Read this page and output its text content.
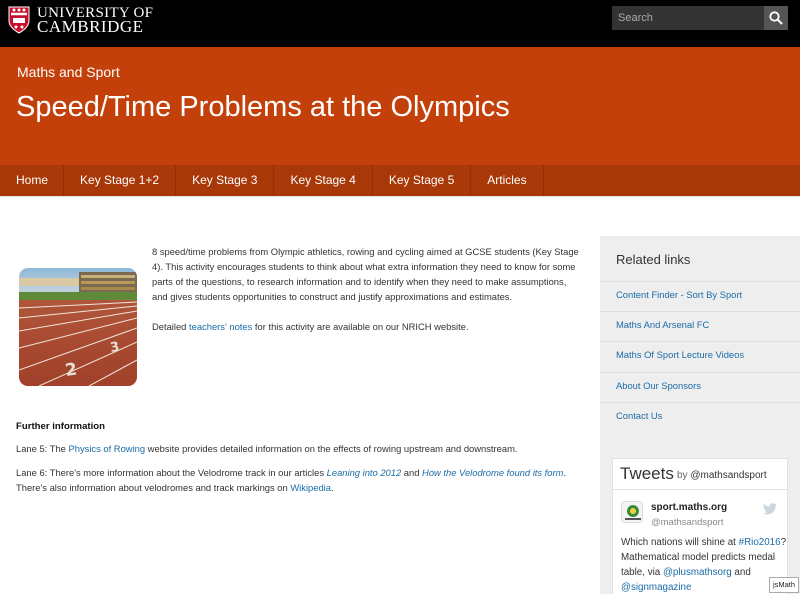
UNIVERSITY OF
CAMBRIDGE
Search
Maths and Sport
Speed/Time Problems at the Olympics
Home	Key Stage 1+2	Key Stage 3	Key Stage 4	Key Stage 5	Articles
2
3
8 speed/time problems from Olympic athletics, rowing and cycling aimed at GCSE students (Key Stage 4). This activity encourages students to think about what extra information they need to know for some parts of the questions, to research information and to identify when they need to make assumptions, and gives students opportunities to construct and justify approximations and estimates.
Detailed teachers' notes for this activity are available on our NRICH website.
Further information
Lane 5: The Physics of Rowing website provides detailed information on the effects of rowing upstream and downstream.
Lane 6: There's more information about the Velodrome track in our articles Leaning into 2012 and How the Velodrome found its form. There's also information about velodromes and track markings on Wikipedia.
Related links
Content Finder - Sort By Sport
Maths And Arsenal FC
Maths Of Sport Lecture Videos
About Our Sponsors
Contact Us
Tweets by @mathsandsport
sport.maths.org
@mathsandsport
Which nations will shine at #Rio2016? Mathematical model predicts medal table, via @plusmathsorg and @signmagazine	jsMath
